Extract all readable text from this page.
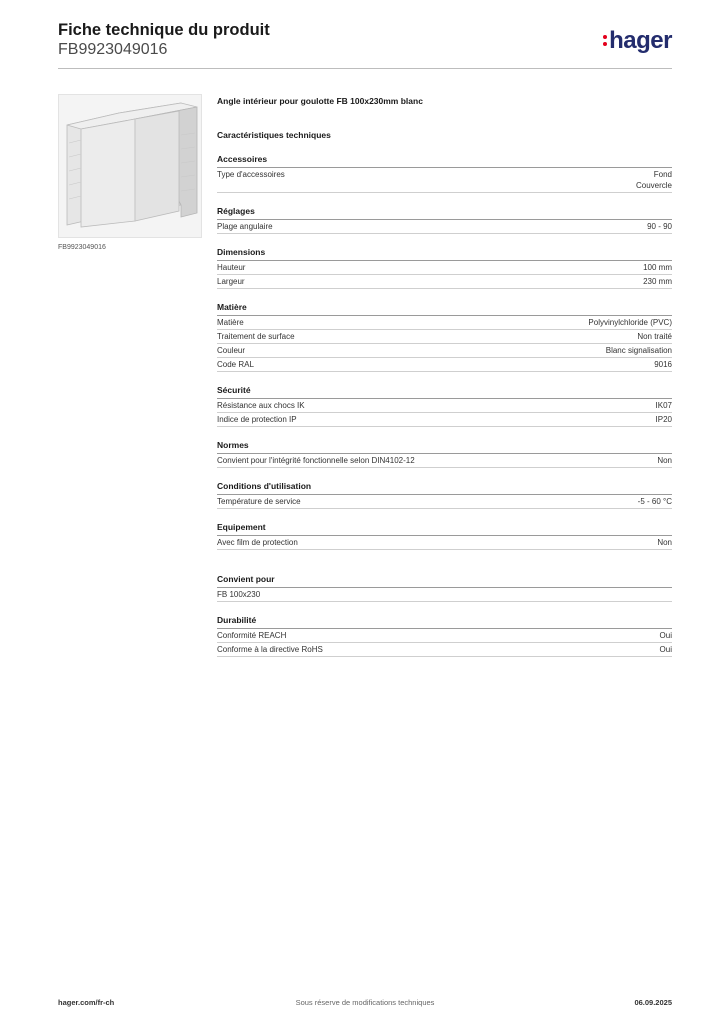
Fiche technique du produit
FB9923049016	hager
FB9923049016
Angle intérieur pour goulotte FB 100x230mm blanc
Caractéristiques techniques
Accessoires
Type d'accessoires	Fond
Couvercle
Réglages
Plage angulaire	90 - 90
Dimensions
Hauteur	100 mm
Largeur	230 mm
Matière
Matière	Polyvinylchloride (PVC)
Traitement de surface	Non traité
Couleur	Blanc signalisation
Code RAL	9016
Sécurité
Résistance aux chocs IK	IK07
Indice de protection IP	IP20
Normes
Convient pour l'intégrité fonctionnelle selon DIN4102-12	Non
Conditions d'utilisation
Température de service	-5 - 60 °C
Equipement
Avec film de protection	Non
Convient pour
FB 100x230
Durabilité
Conformité REACH	Oui
Conforme à la directive RoHS	Oui
Sous réserve de modifications techniques
hager.com/fr-ch	06.09.2025
